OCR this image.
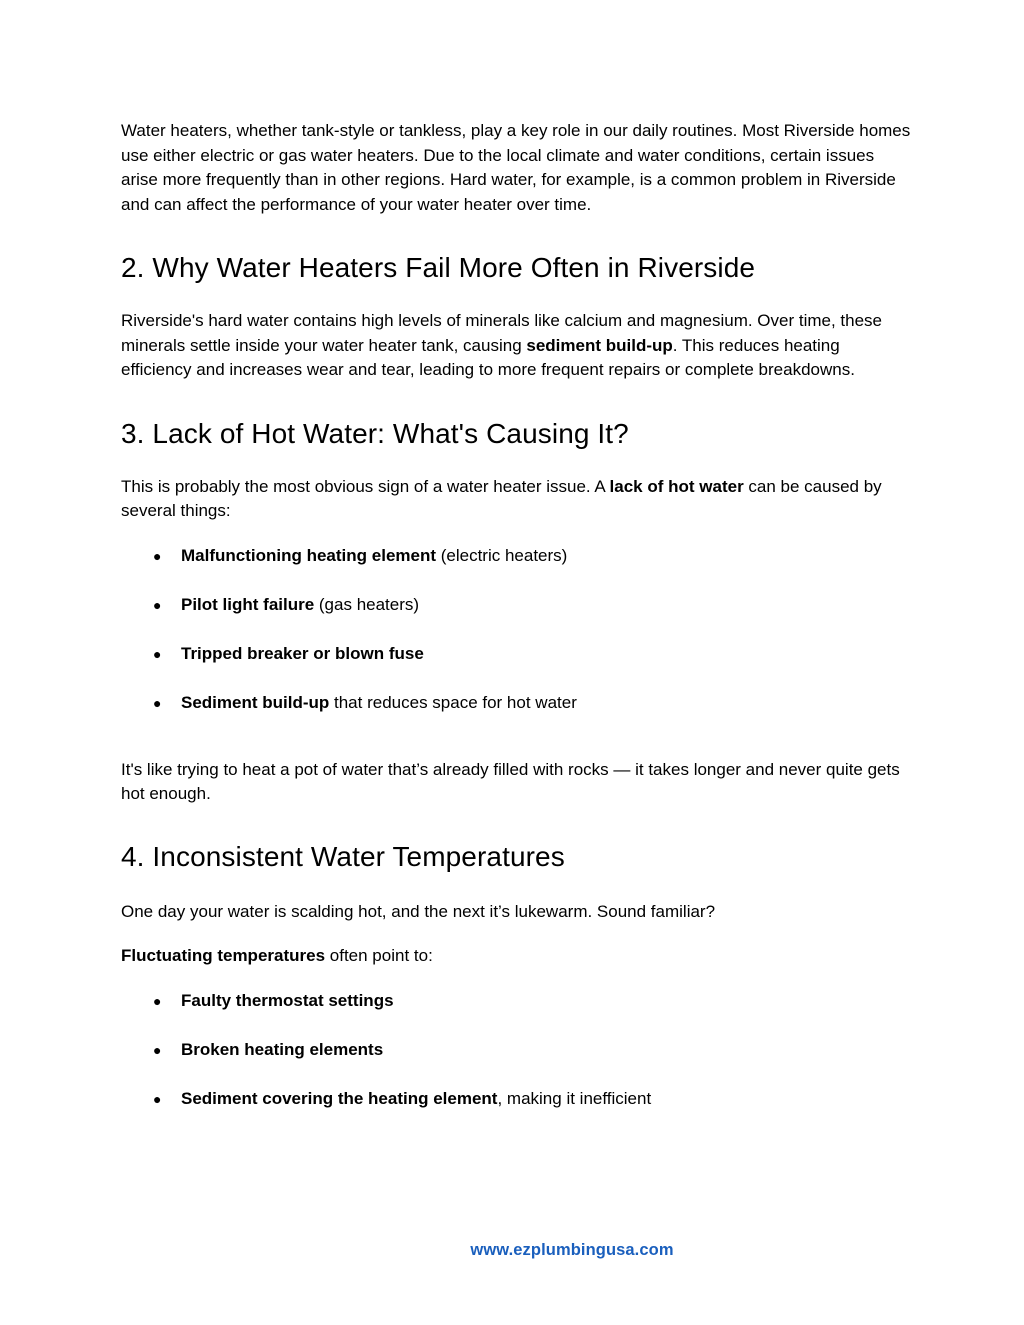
Water heaters, whether tank-style or tankless, play a key role in our daily routines. Most Riverside homes use either electric or gas water heaters. Due to the local climate and water conditions, certain issues arise more frequently than in other regions. Hard water, for example, is a common problem in Riverside and can affect the performance of your water heater over time.

2. Why Water Heaters Fail More Often in Riverside

Riverside's hard water contains high levels of minerals like calcium and magnesium. Over time, these minerals settle inside your water heater tank, causing sediment build-up. This reduces heating efficiency and increases wear and tear, leading to more frequent repairs or complete breakdowns.

3. Lack of Hot Water: What's Causing It?

This is probably the most obvious sign of a water heater issue. A lack of hot water can be caused by several things:

● Malfunctioning heating element (electric heaters)
● Pilot light failure (gas heaters)
● Tripped breaker or blown fuse
● Sediment build-up that reduces space for hot water

It's like trying to heat a pot of water that’s already filled with rocks — it takes longer and never quite gets hot enough.

4. Inconsistent Water Temperatures

One day your water is scalding hot, and the next it’s lukewarm. Sound familiar?

Fluctuating temperatures often point to:

● Faulty thermostat settings
● Broken heating elements
● Sediment covering the heating element, making it inefficient
www.ezplumbingusa.com
